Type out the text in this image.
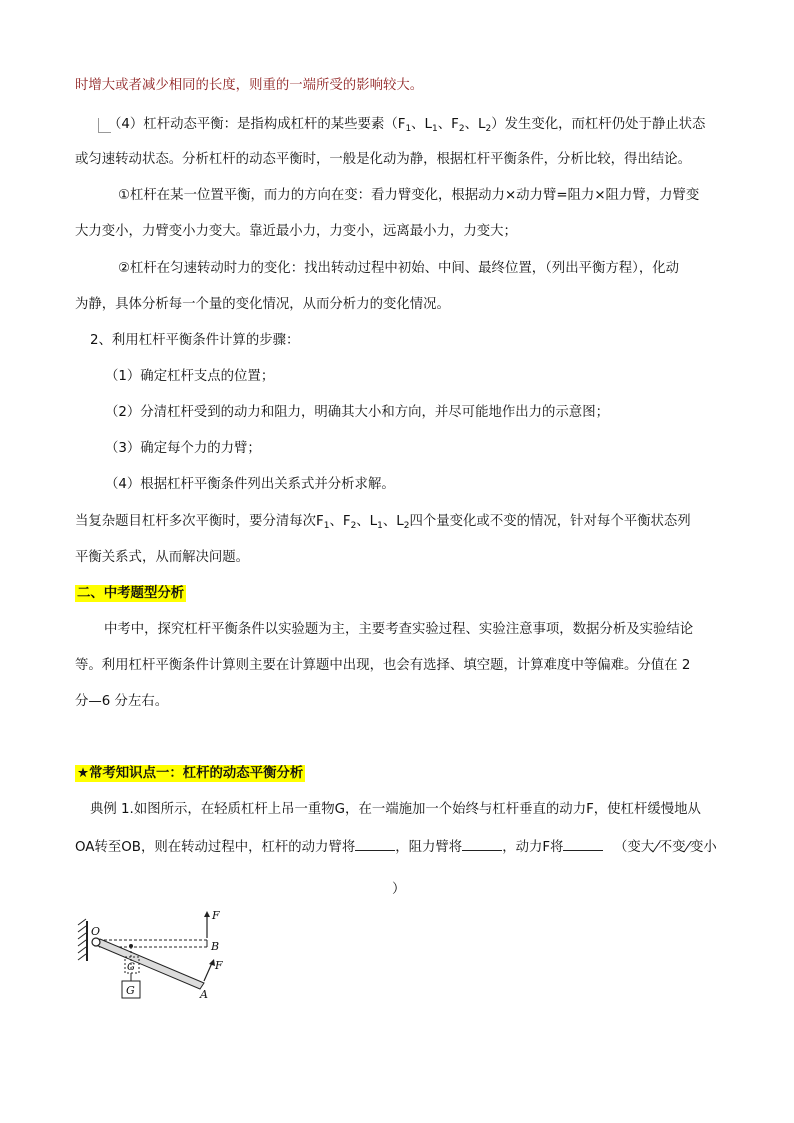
时增大或者减少相同的长度，则重的一端所受的影响较大。
（4）杠杆动态平衡：是指构成杠杆的某些要素（$F_1$、$L_1$、$F_2$、$L_2$）发生变化，而杠杆仍处于静止状态
或匀速转动状态。分析杠杆的动态平衡时，一般是化动为静，根据杠杆平衡条件，分析比较，得出结论。
①杠杆在某一位置平衡，而力的方向在变：看力臂变化，根据动力×动力臂=阻力×阻力臂，力臂变
大力变小，力臂变小力变大。靠近最小力，力变小，远离最小力，力变大；
②杠杆在匀速转动时力的变化：找出转动过程中初始、中间、最终位置，（列出平衡方程），化动
为静，具体分析每一个量的变化情况，从而分析力的变化情况。
2、利用杠杆平衡条件计算的步骤：
（1）确定杠杆支点的位置；
（2）分清杠杆受到的动力和阻力，明确其大小和方向，并尽可能地作出力的示意图；
（3）确定每个力的力臂；
（4）根据杠杆平衡条件列出关系式并分析求解。
当复杂题目杠杆多次平衡时，要分清每次$F_1$、$F_2$、$L_1$、$L_2$四个量变化或不变的情况，针对每个平衡状态列
平衡关系式，从而解决问题。
二、中考题型分析
中考中，探究杠杆平衡条件以实验题为主，主要考查实验过程、实验注意事项，数据分析及实验结论
等。利用杠杆平衡条件计算则主要在计算题中出现，也会有选择、填空题，计算难度中等偏难。分值在 2
分—6 分左右。
★常考知识点一：杠杆的动态平衡分析
典例 1.如图所示，在轻质杠杆上吊一重物G，在一端施加一个始终与杠杆垂直的动力F，使杠杆缓慢地从
OA转至OB，则在转动过程中，杠杆的动力臂将	，阻力臂将	，动力F将	（变大/不变/变小
）
O
B
A
F
F
G
G
